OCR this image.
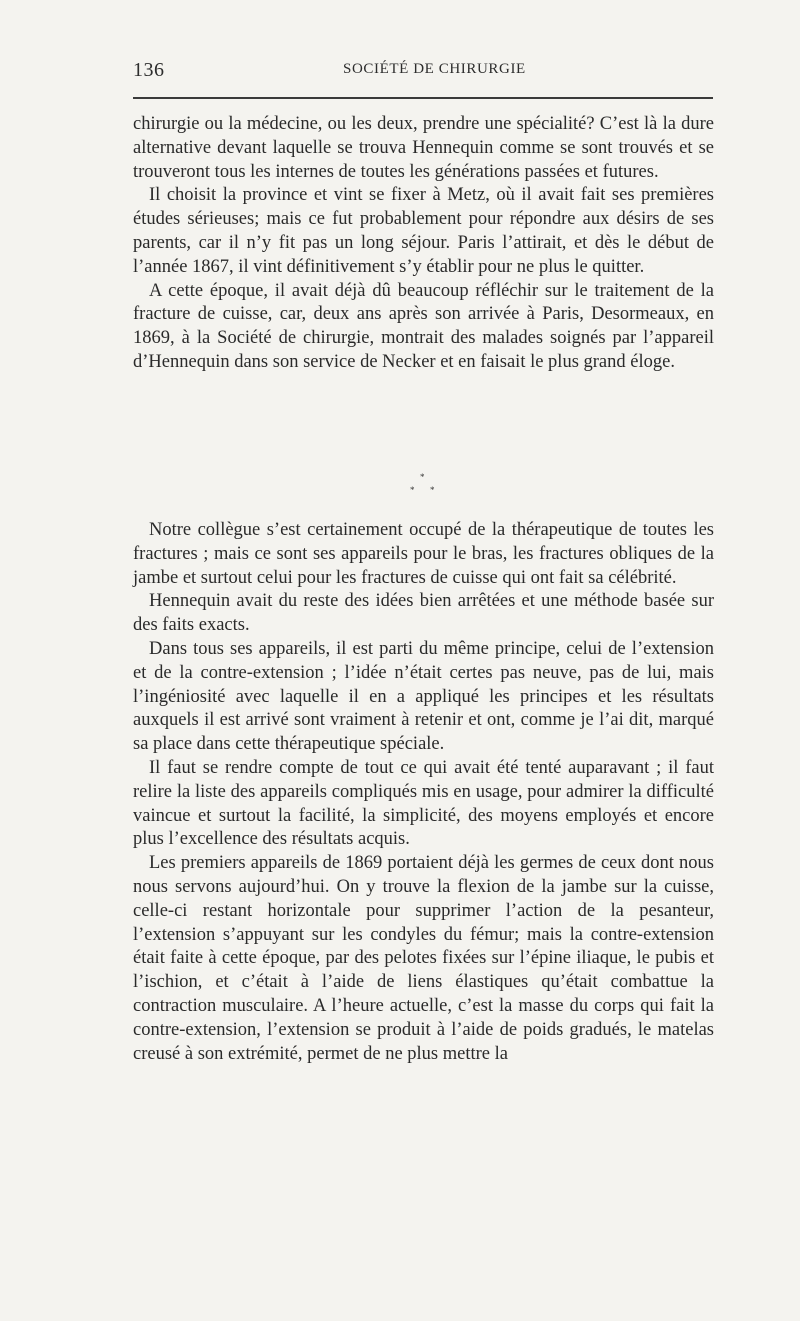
136	SOCIÉTÉ DE CHIRURGIE

chirurgie ou la médecine, ou les deux, prendre une spécialité? C’est là la dure alternative devant laquelle se trouva Hennequin comme se sont trouvés et se trouveront tous les internes de toutes les générations passées et futures.

Il choisit la province et vint se fixer à Metz, où il avait fait ses premières études sérieuses; mais ce fut probablement pour répondre aux désirs de ses parents, car il n’y fit pas un long séjour. Paris l’attirait, et dès le début de l’année 1867, il vint définitivement s’y établir pour ne plus le quitter.

A cette époque, il avait déjà dû beaucoup réfléchir sur le traitement de la fracture de cuisse, car, deux ans après son arrivée à Paris, Desormeaux, en 1869, à la Société de chirurgie, montrait des malades soignés par l’appareil d’Hennequin dans son service de Necker et en faisait le plus grand éloge.

*
* *

Notre collègue s’est certainement occupé de la thérapeutique de toutes les fractures ; mais ce sont ses appareils pour le bras, les fractures obliques de la jambe et surtout celui pour les fractures de cuisse qui ont fait sa célébrité.

Hennequin avait du reste des idées bien arrêtées et une méthode basée sur des faits exacts.

Dans tous ses appareils, il est parti du même principe, celui de l’extension et de la contre-extension ; l’idée n’était certes pas neuve, pas de lui, mais l’ingéniosité avec laquelle il en a appliqué les principes et les résultats auxquels il est arrivé sont vraiment à retenir et ont, comme je l’ai dit, marqué sa place dans cette thérapeutique spéciale.

Il faut se rendre compte de tout ce qui avait été tenté auparavant ; il faut relire la liste des appareils compliqués mis en usage, pour admirer la difficulté vaincue et surtout la facilité, la simplicité, des moyens employés et encore plus l’excellence des résultats acquis.

Les premiers appareils de 1869 portaient déjà les germes de ceux dont nous nous servons aujourd’hui. On y trouve la flexion de la jambe sur la cuisse, celle-ci restant horizontale pour supprimer l’action de la pesanteur, l’extension s’appuyant sur les condyles du fémur; mais la contre-extension était faite à cette époque, par des pelotes fixées sur l’épine iliaque, le pubis et l’ischion, et c’était à l’aide de liens élastiques qu’était combattue la contraction musculaire. A l’heure actuelle, c’est la masse du corps qui fait la contre-extension, l’extension se produit à l’aide de poids gradués, le matelas creusé à son extrémité, permet de ne plus mettre la
